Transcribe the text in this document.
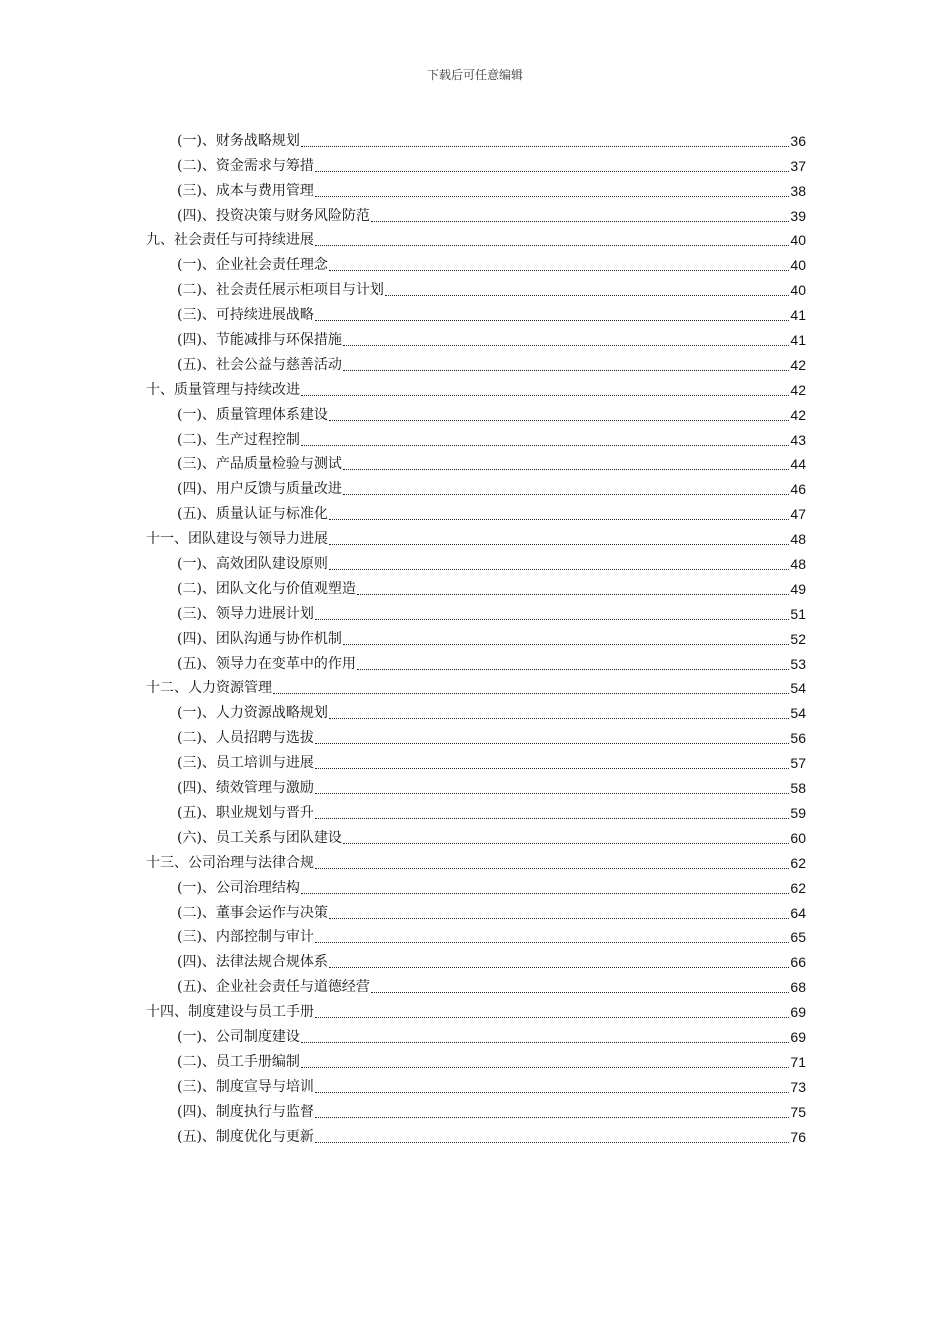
下载后可任意编辑
(一)、财务战略规划	36
(二)、资金需求与筹措	37
(三)、成本与费用管理	38
(四)、投资决策与财务风险防范	39
九、社会责任与可持续进展	40
(一)、企业社会责任理念	40
(二)、社会责任展示柜项目与计划	40
(三)、可持续进展战略	41
(四)、节能减排与环保措施	41
(五)、社会公益与慈善活动	42
十、质量管理与持续改进	42
(一)、质量管理体系建设	42
(二)、生产过程控制	43
(三)、产品质量检验与测试	44
(四)、用户反馈与质量改进	46
(五)、质量认证与标准化	47
十一、团队建设与领导力进展	48
(一)、高效团队建设原则	48
(二)、团队文化与价值观塑造	49
(三)、领导力进展计划	51
(四)、团队沟通与协作机制	52
(五)、领导力在变革中的作用	53
十二、人力资源管理	54
(一)、人力资源战略规划	54
(二)、人员招聘与选拔	56
(三)、员工培训与进展	57
(四)、绩效管理与激励	58
(五)、职业规划与晋升	59
(六)、员工关系与团队建设	60
十三、公司治理与法律合规	62
(一)、公司治理结构	62
(二)、董事会运作与决策	64
(三)、内部控制与审计	65
(四)、法律法规合规体系	66
(五)、企业社会责任与道德经营	68
十四、制度建设与员工手册	69
(一)、公司制度建设	69
(二)、员工手册编制	71
(三)、制度宣导与培训	73
(四)、制度执行与监督	75
(五)、制度优化与更新	76
